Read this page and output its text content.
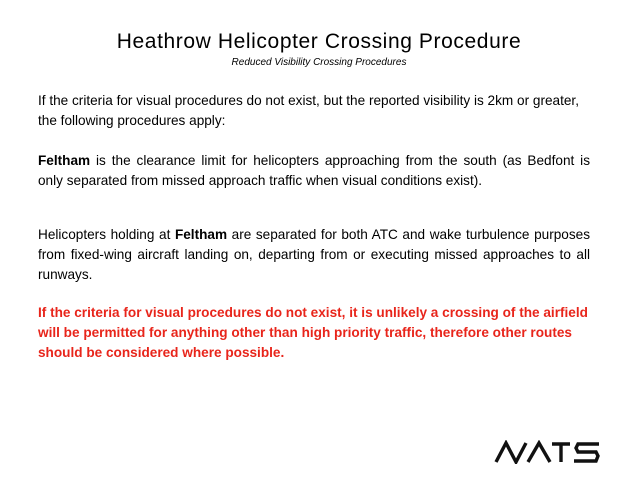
Heathrow Helicopter Crossing Procedure
Reduced Visibility Crossing Procedures

If the criteria for visual procedures do not exist, but the reported visibility is 2km or greater, the following procedures apply:

Feltham is the clearance limit for helicopters approaching from the south (as Bedfont is only separated from missed approach traffic when visual conditions exist).

Helicopters holding at Feltham are separated for both ATC and wake turbulence purposes from fixed-wing aircraft landing on, departing from or executing missed approaches to all runways.

If the criteria for visual procedures do not exist, it is unlikely a crossing of the airfield will be permitted for anything other than high priority traffic, therefore other routes should be considered where possible.
